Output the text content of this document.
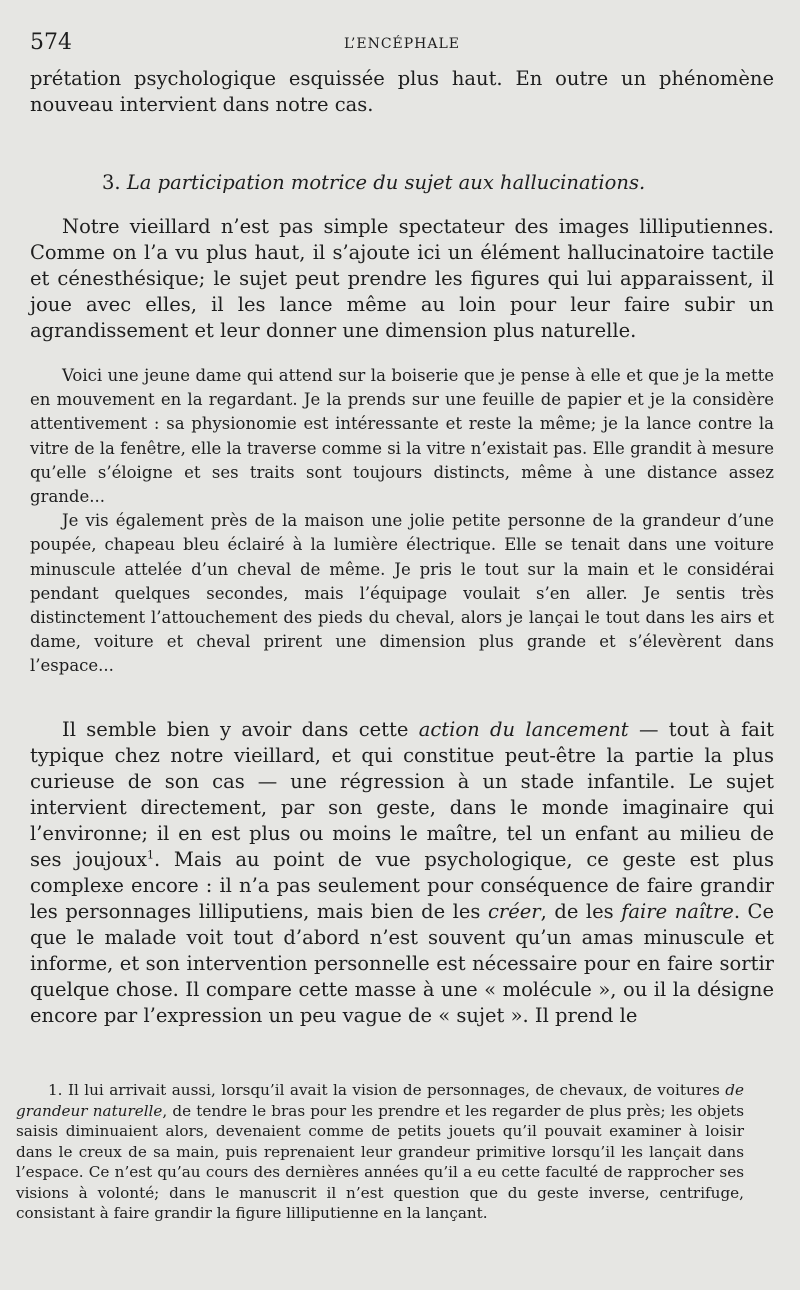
574	L’ENCÉPHALE

prétation psychologique esquissée plus haut. En outre un phénomène nouveau intervient dans notre cas.

3. La participation motrice du sujet aux hallucinations.

Notre vieillard n’est pas simple spectateur des images lilliputiennes. Comme on l’a vu plus haut, il s’ajoute ici un élément hallucinatoire tactile et cénesthésique; le sujet peut prendre les figures qui lui apparaissent, il joue avec elles, il les lance même au loin pour leur faire subir un agrandissement et leur donner une dimension plus naturelle.

Voici une jeune dame qui attend sur la boiserie que je pense à elle et que je la mette en mouvement en la regardant. Je la prends sur une feuille de papier et je la considère attentivement : sa physionomie est intéressante et reste la même; je la lance contre la vitre de la fenêtre, elle la traverse comme si la vitre n’existait pas. Elle grandit à mesure qu’elle s’éloigne et ses traits sont toujours distincts, même à une distance assez grande...

Je vis également près de la maison une jolie petite personne de la grandeur d’une poupée, chapeau bleu éclairé à la lumière électrique. Elle se tenait dans une voiture minuscule attelée d’un cheval de même. Je pris le tout sur la main et le considérai pendant quelques secondes, mais l’équipage voulait s’en aller. Je sentis très distinctement l’attouchement des pieds du cheval, alors je lançai le tout dans les airs et dame, voiture et cheval prirent une dimension plus grande et s’élevèrent dans l’espace...

Il semble bien y avoir dans cette action du lancement — tout à fait typique chez notre vieillard, et qui constitue peut-être la partie la plus curieuse de son cas — une régression à un stade infantile. Le sujet intervient directement, par son geste, dans le monde imaginaire qui l’environne; il en est plus ou moins le maître, tel un enfant au milieu de ses joujoux$^1$. Mais au point de vue psychologique, ce geste est plus complexe encore : il n’a pas seulement pour conséquence de faire grandir les personnages lilliputiens, mais bien de les créer, de les faire naître. Ce que le malade voit tout d’abord n’est souvent qu’un amas minuscule et informe, et son intervention personnelle est nécessaire pour en faire sortir quelque chose. Il compare cette masse à une « molécule », ou il la désigne encore par l’expression un peu vague de « sujet ». Il prend le

1. Il lui arrivait aussi, lorsqu’il avait la vision de personnages, de chevaux, de voitures de grandeur naturelle, de tendre le bras pour les prendre et les regarder de plus près; les objets saisis diminuaient alors, devenaient comme de petits jouets qu’il pouvait examiner à loisir dans le creux de sa main, puis reprenaient leur grandeur primitive lorsqu’il les lançait dans l’espace. Ce n’est qu’au cours des dernières années qu’il a eu cette faculté de rapprocher ses visions à volonté; dans le manuscrit il n’est question que du geste inverse, centrifuge, consistant à faire grandir la figure lilliputienne en la lançant.
